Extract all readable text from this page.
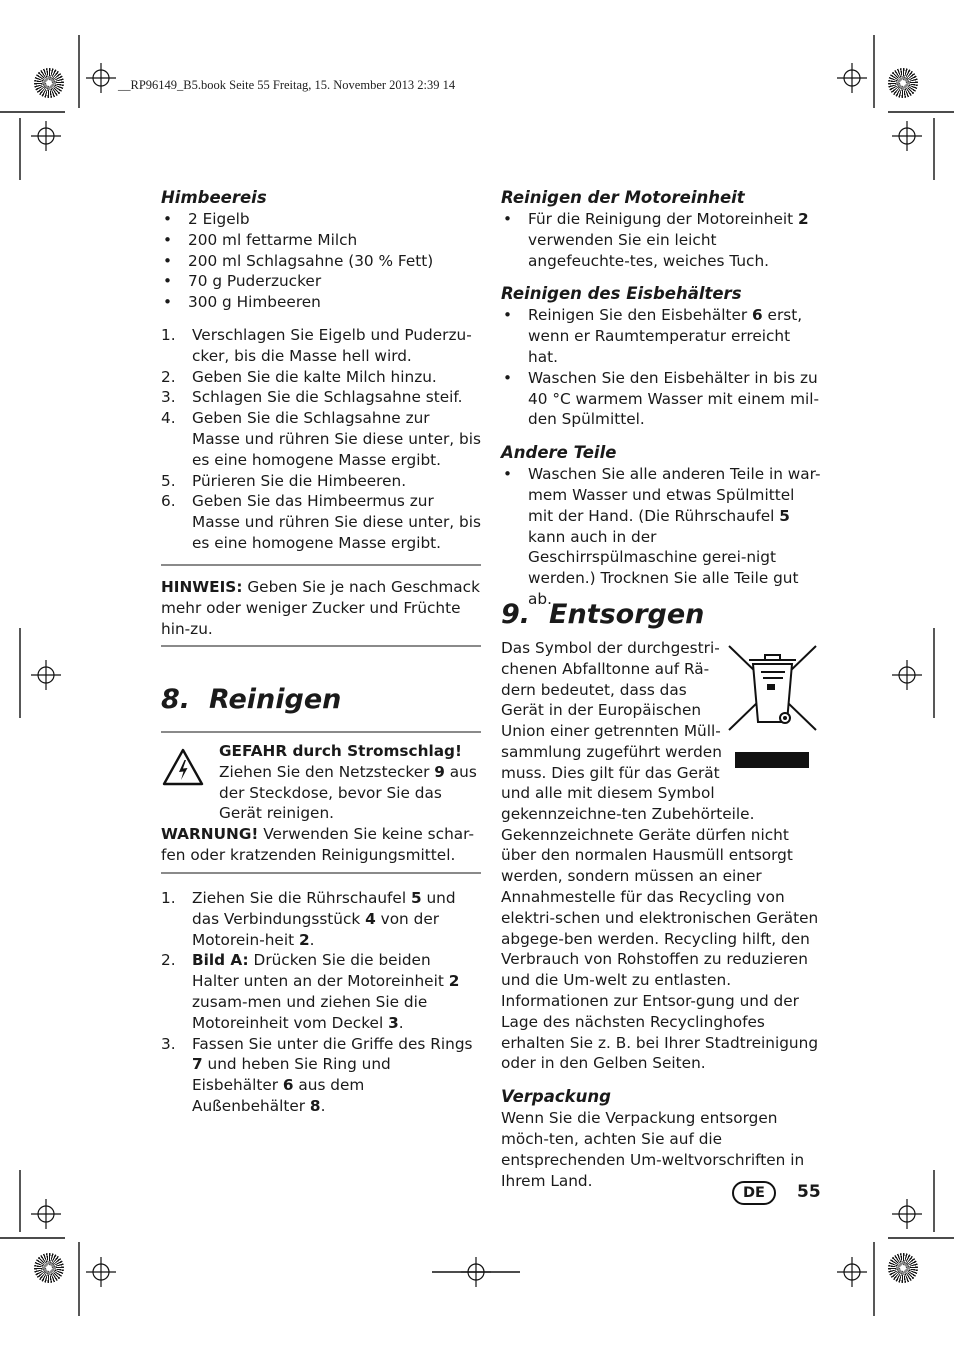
__RP96149_B5.book Seite 55 Freitag, 15. November 2013 2:39 14
Himbeereis
• 2 Eigelb
• 200 ml fettarme Milch
• 200 ml Schlagsahne (30 % Fett)
• 70 g Puderzucker
• 300 g Himbeeren
1. Verschlagen Sie Eigelb und Puderzu-cker, bis die Masse hell wird.
2. Geben Sie die kalte Milch hinzu.
3. Schlagen Sie die Schlagsahne steif.
4. Geben Sie die Schlagsahne zur Masse und rühren Sie diese unter, bis es eine homogene Masse ergibt.
5. Pürieren Sie die Himbeeren.
6. Geben Sie das Himbeermus zur Masse und rühren Sie diese unter, bis es eine homogene Masse ergibt.
HINWEIS: Geben Sie je nach Geschmack mehr oder weniger Zucker und Früchte hin-zu.
8. Reinigen
GEFAHR durch Stromschlag!
Ziehen Sie den Netzstecker 9 aus der Steckdose, bevor Sie das Gerät reinigen.
WARNUNG! Verwenden Sie keine schar-fen oder kratzenden Reinigungsmittel.
1. Ziehen Sie die Rührschaufel 5 und das Verbindungsstück 4 von der Motorein-heit 2.
2. Bild A: Drücken Sie die beiden Halter unten an der Motoreinheit 2 zusam-men und ziehen Sie die Motoreinheit vom Deckel 3.
3. Fassen Sie unter die Griffe des Rings 7 und heben Sie Ring und Eisbehälter 6 aus dem Außenbehälter 8.
Reinigen der Motoreinheit
• Für die Reinigung der Motoreinheit 2 verwenden Sie ein leicht angefeuchte-tes, weiches Tuch.
Reinigen des Eisbehälters
• Reinigen Sie den Eisbehälter 6 erst, wenn er Raumtemperatur erreicht hat.
• Waschen Sie den Eisbehälter in bis zu 40 °C warmem Wasser mit einem mil-den Spülmittel.
Andere Teile
• Waschen Sie alle anderen Teile in war-mem Wasser und etwas Spülmittel mit der Hand. (Die Rührschaufel 5 kann auch in der Geschirrspülmaschine gerei-nigt werden.) Trocknen Sie alle Teile gut ab.
9. Entsorgen
Das Symbol der durchgestri-
chenen Abfalltonne auf Rä-
dern bedeutet, dass das
Gerät in der Europäischen
Union einer getrennten Müll-
sammlung zugeführt werden
muss. Dies gilt für das Gerät
und alle mit diesem Symbol gekennzeichne-ten Zubehörteile. Gekennzeichnete Geräte dürfen nicht über den normalen Hausmüll entsorgt werden, sondern müssen an einer Annahmestelle für das Recycling von elektri-schen und elektronischen Geräten abgege-ben werden. Recycling hilft, den Verbrauch von Rohstoffen zu reduzieren und die Um-welt zu entlasten. Informationen zur Entsor-gung und der Lage des nächsten Recyclinghofes erhalten Sie z. B. bei Ihrer Stadtreinigung oder in den Gelben Seiten.
Verpackung
Wenn Sie die Verpackung entsorgen möch-ten, achten Sie auf die entsprechenden Um-weltvorschriften in Ihrem Land.
DE	55
